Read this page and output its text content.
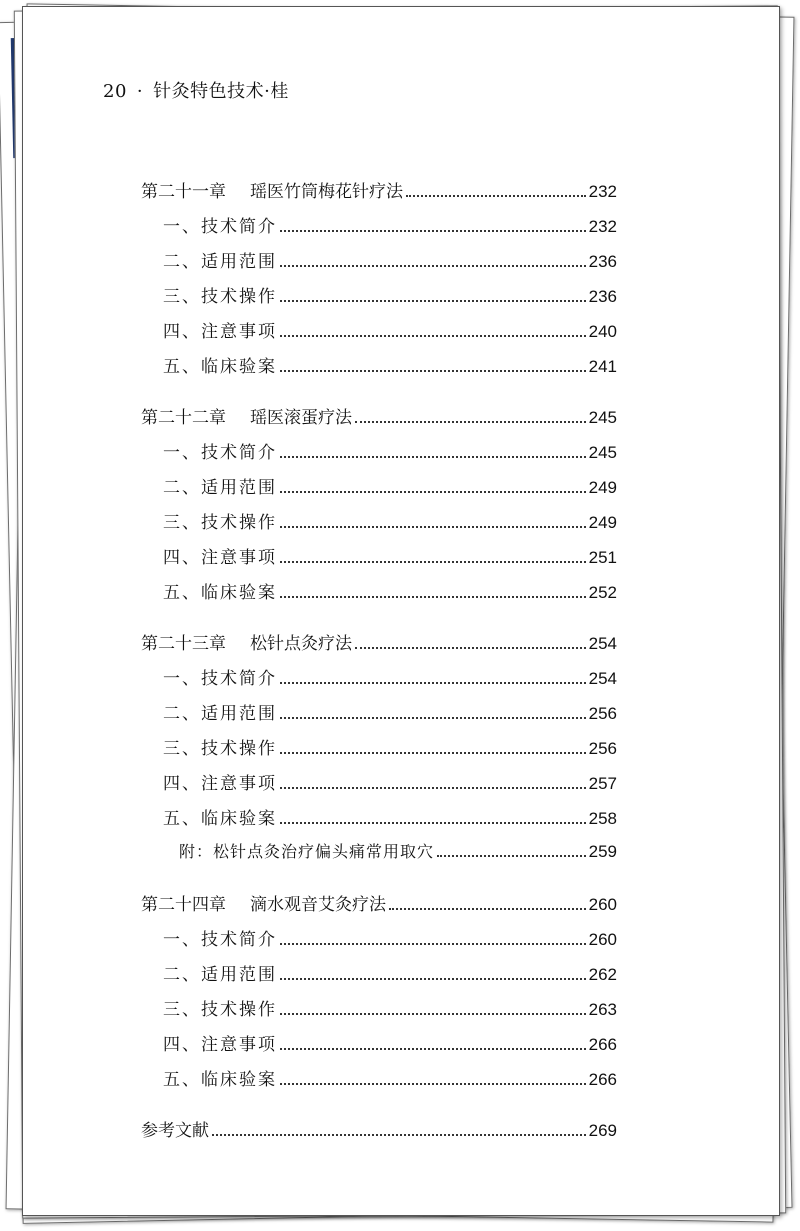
20 · 针灸特色技术·桂
第二十一章 瑶医竹筒梅花针疗法	232
一、技术简介	232
二、适用范围	236
三、技术操作	236
四、注意事项	240
五、临床验案	241
第二十二章 瑶医滚蛋疗法	245
一、技术简介	245
二、适用范围	249
三、技术操作	249
四、注意事项	251
五、临床验案	252
第二十三章 松针点灸疗法	254
一、技术简介	254
二、适用范围	256
三、技术操作	256
四、注意事项	257
五、临床验案	258
附：松针点灸治疗偏头痛常用取穴	259
第二十四章 滴水观音艾灸疗法	260
一、技术简介	260
二、适用范围	262
三、技术操作	263
四、注意事项	266
五、临床验案	266
参考文献	269
